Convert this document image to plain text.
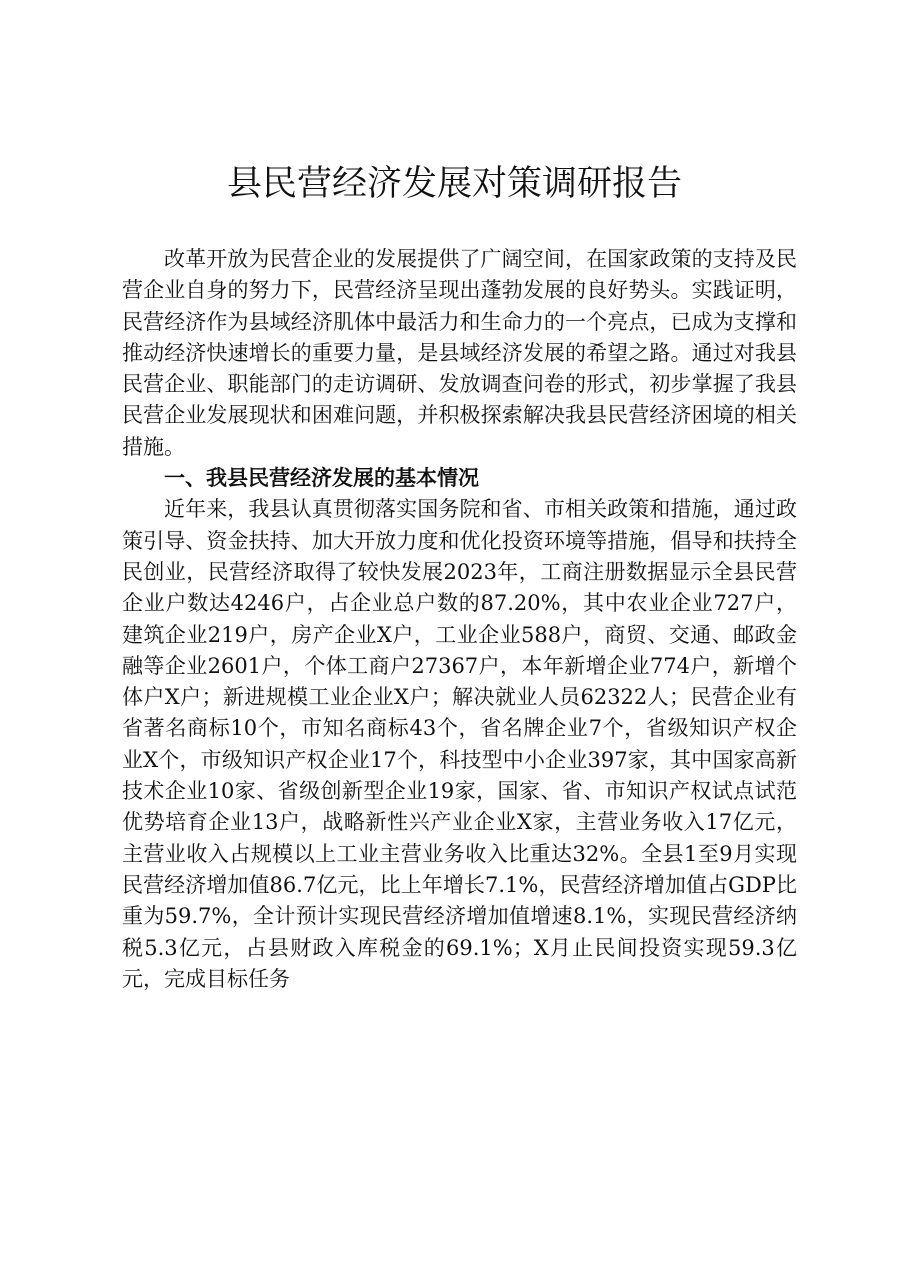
县民营经济发展对策调研报告

改革开放为民营企业的发展提供了广阔空间，在国家政策的支持及民营企业自身的努力下，民营经济呈现出蓬勃发展的良好势头。实践证明，民营经济作为县域经济肌体中最活力和生命力的一个亮点，已成为支撑和推动经济快速增长的重要力量，是县域经济发展的希望之路。通过对我县民营企业、职能部门的走访调研、发放调查问卷的形式，初步掌握了我县民营企业发展现状和困难问题，并积极探索解决我县民营经济困境的相关措施。

一、我县民营经济发展的基本情况

近年来，我县认真贯彻落实国务院和省、市相关政策和措施，通过政策引导、资金扶持、加大开放力度和优化投资环境等措施，倡导和扶持全民创业，民营经济取得了较快发展2023年，工商注册数据显示全县民营企业户数达4246户，占企业总户数的87.20%，其中农业企业727户，建筑企业219户，房产企业X户，工业企业588户，商贸、交通、邮政金融等企业2601户，个体工商户27367户，本年新增企业774户，新增个体户X户；新进规模工业企业X户；解决就业人员62322人；民营企业有省著名商标10个，市知名商标43个，省名牌企业7个，省级知识产权企业X个，市级知识产权企业17个，科技型中小企业397家，其中国家高新技术企业10家、省级创新型企业19家，国家、省、市知识产权试点试范优势培育企业13户，战略新性兴产业企业X家，主营业务收入17亿元，主营业收入占规模以上工业主营业务收入比重达32%。全县1至9月实现民营经济增加值86.7亿元，比上年增长7.1%，民营经济增加值占GDP比重为59.7%，全计预计实现民营经济增加值增速8.1%，实现民营经济纳税5.3亿元，占县财政入库税金的69.1%；X月止民间投资实现59.3亿元，完成目标任务
